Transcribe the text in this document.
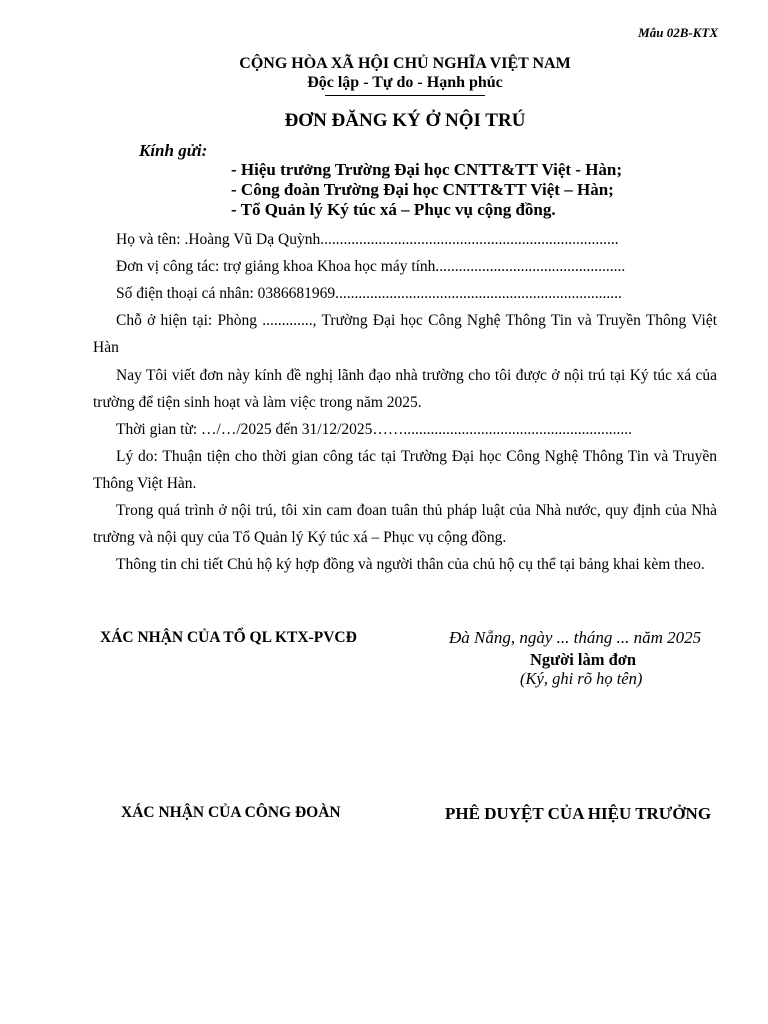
Mẫu 02B-KTX
CỘNG HÒA XÃ HỘI CHỦ NGHĨA VIỆT NAM
Độc lập - Tự do - Hạnh phúc
ĐƠN ĐĂNG KÝ Ở NỘI TRÚ
Kính gửi:
- Hiệu trưởng Trường Đại học CNTT&TT Việt - Hàn;
- Công đoàn Trường Đại học CNTT&TT Việt – Hàn;
- Tổ Quản lý Ký túc xá – Phục vụ cộng đồng.
Họ và tên: .Hoàng Vũ Dạ Quỳnh.............................................................................
Đơn vị công tác: trợ giảng khoa Khoa học máy tính.................................................
Số điện thoại cá nhân: 0386681969..........................................................................
Chỗ ở hiện tại: Phòng ............., Trường Đại học Công Nghệ Thông Tin và Truyền Thông Việt Hàn
Nay Tôi viết đơn này kính đề nghị lãnh đạo nhà trường cho tôi được ở nội trú tại Ký túc xá của trường để tiện sinh hoạt và làm việc trong năm 2025.
Thời gian từ: …/…/2025 đến 31/12/2025……...........................................................
Lý do: Thuận tiện cho thời gian công tác tại Trường Đại học Công Nghệ Thông Tin và Truyền Thông Việt Hàn.
Trong quá trình ở nội trú, tôi xin cam đoan tuân thủ pháp luật của Nhà nước, quy định của Nhà trường và nội quy của Tổ Quản lý Ký túc xá – Phục vụ cộng đồng.
Thông tin chi tiết Chủ hộ ký hợp đồng và người thân của chủ hộ cụ thể tại bảng khai kèm theo.
XÁC NHẬN CỦA TỔ QL KTX-PVCĐ	Đà Nẵng, ngày ... tháng ... năm 2025
Người làm đơn
(Ký, ghi rõ họ tên)
XÁC NHẬN CỦA CÔNG ĐOÀN	PHÊ DUYỆT CỦA HIỆU TRƯỞNG
